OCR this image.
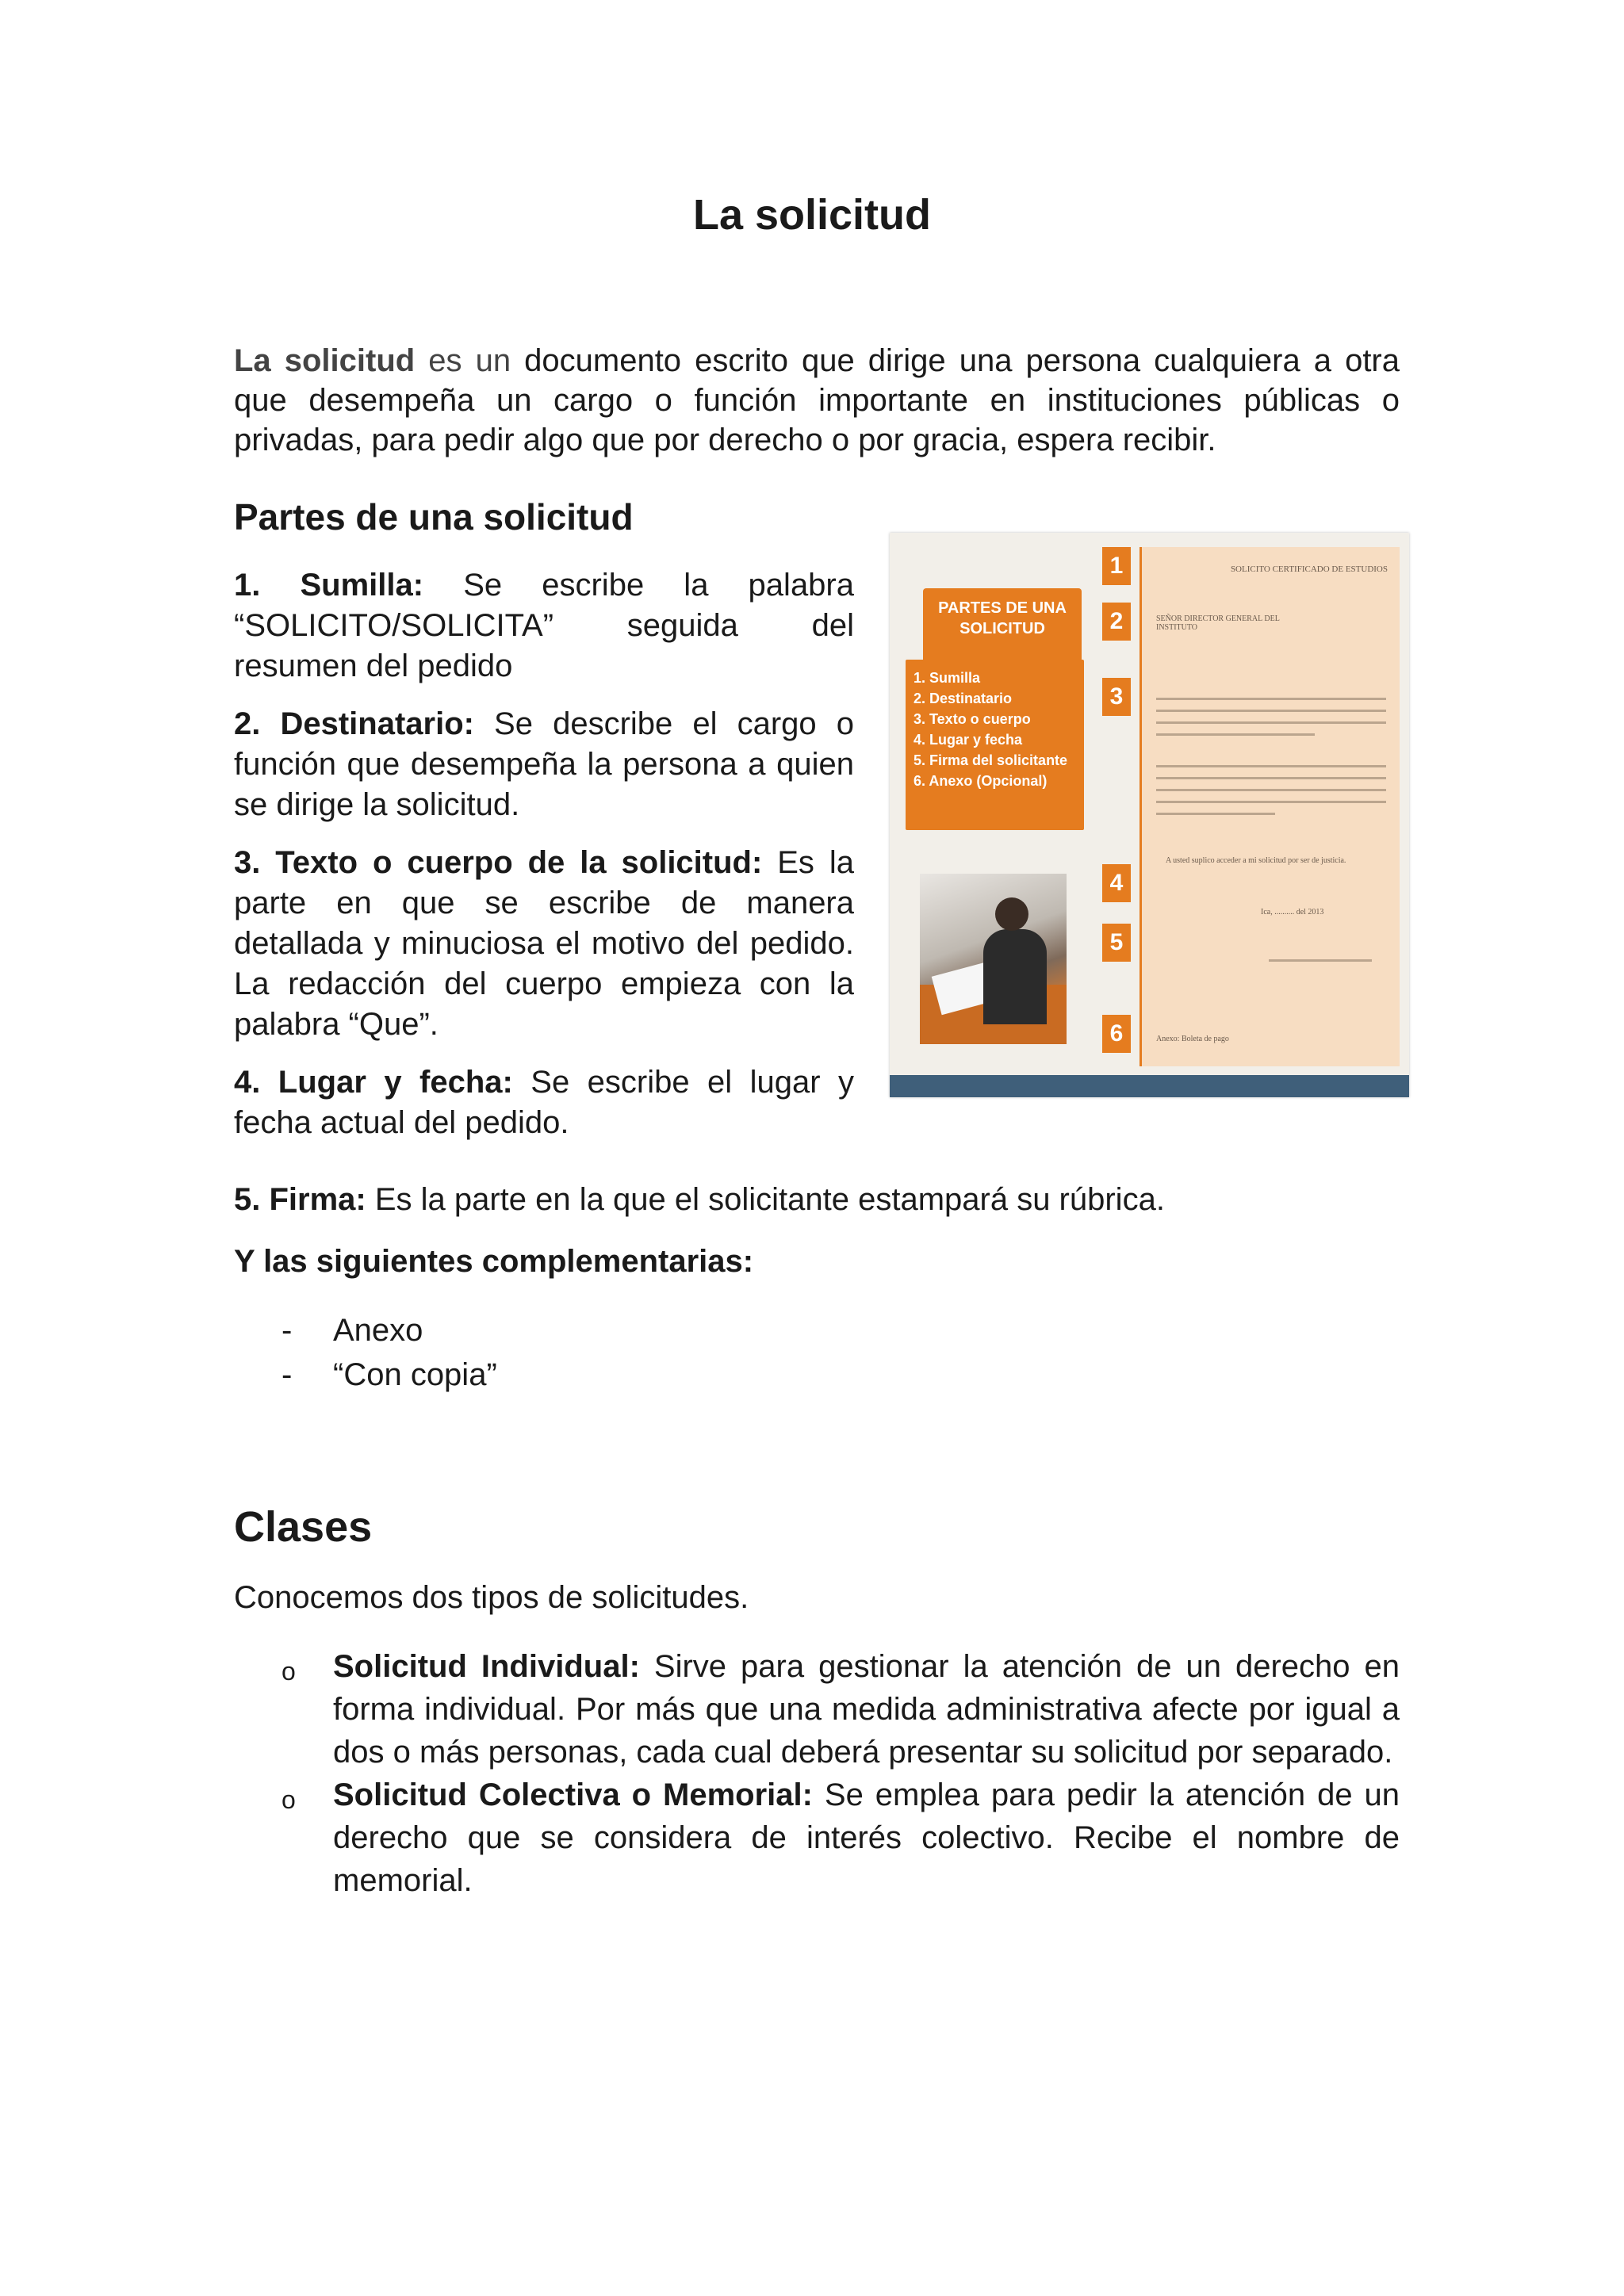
La solicitud

La solicitud es un documento escrito que dirige una persona cualquiera a otra que desempeña un cargo o función importante en instituciones públicas o privadas, para pedir algo que por derecho o por gracia, espera recibir.

Partes de una solicitud

1. Sumilla: Se escribe la palabra “SOLICITO/SOLICITA” seguida del resumen del pedido

2. Destinatario: Se describe el cargo o función que desempeña la persona a quien se dirige la solicitud.

3. Texto o cuerpo de la solicitud: Es la parte en que se escribe de manera detallada y minuciosa el motivo del pedido. La redacción del cuerpo empieza con la palabra “Que”.

4. Lugar y fecha: Se escribe el lugar y fecha actual del pedido.

5. Firma: Es la parte en la que el solicitante estampará su rúbrica.

Y las siguientes complementarias:

- Anexo
- “Con copia”
Clases

Conocemos dos tipos de solicitudes.

o Solicitud Individual: Sirve para gestionar la atención de un derecho en forma individual. Por más que una medida administrativa afecte por igual a dos o más personas, cada cual deberá presentar su solicitud por separado.
o Solicitud Colectiva o Memorial: Se emplea para pedir la atención de un derecho que se considera de interés colectivo. Recibe el nombre de memorial.
PARTES DE UNA SOLICITUD
1. Sumilla
2. Destinatario
3. Texto o cuerpo
4. Lugar y fecha
5. Firma del solicitante
6. Anexo (Opcional)
1
2
3
4
5
6
SOLICITO CERTIFICADO DE ESTUDIOS
SEÑOR DIRECTOR GENERAL DEL INSTITUTO
A usted suplico acceder a mi solicitud por ser de justicia.
Ica, .......... del 2013
Anexo: Boleta de pago
